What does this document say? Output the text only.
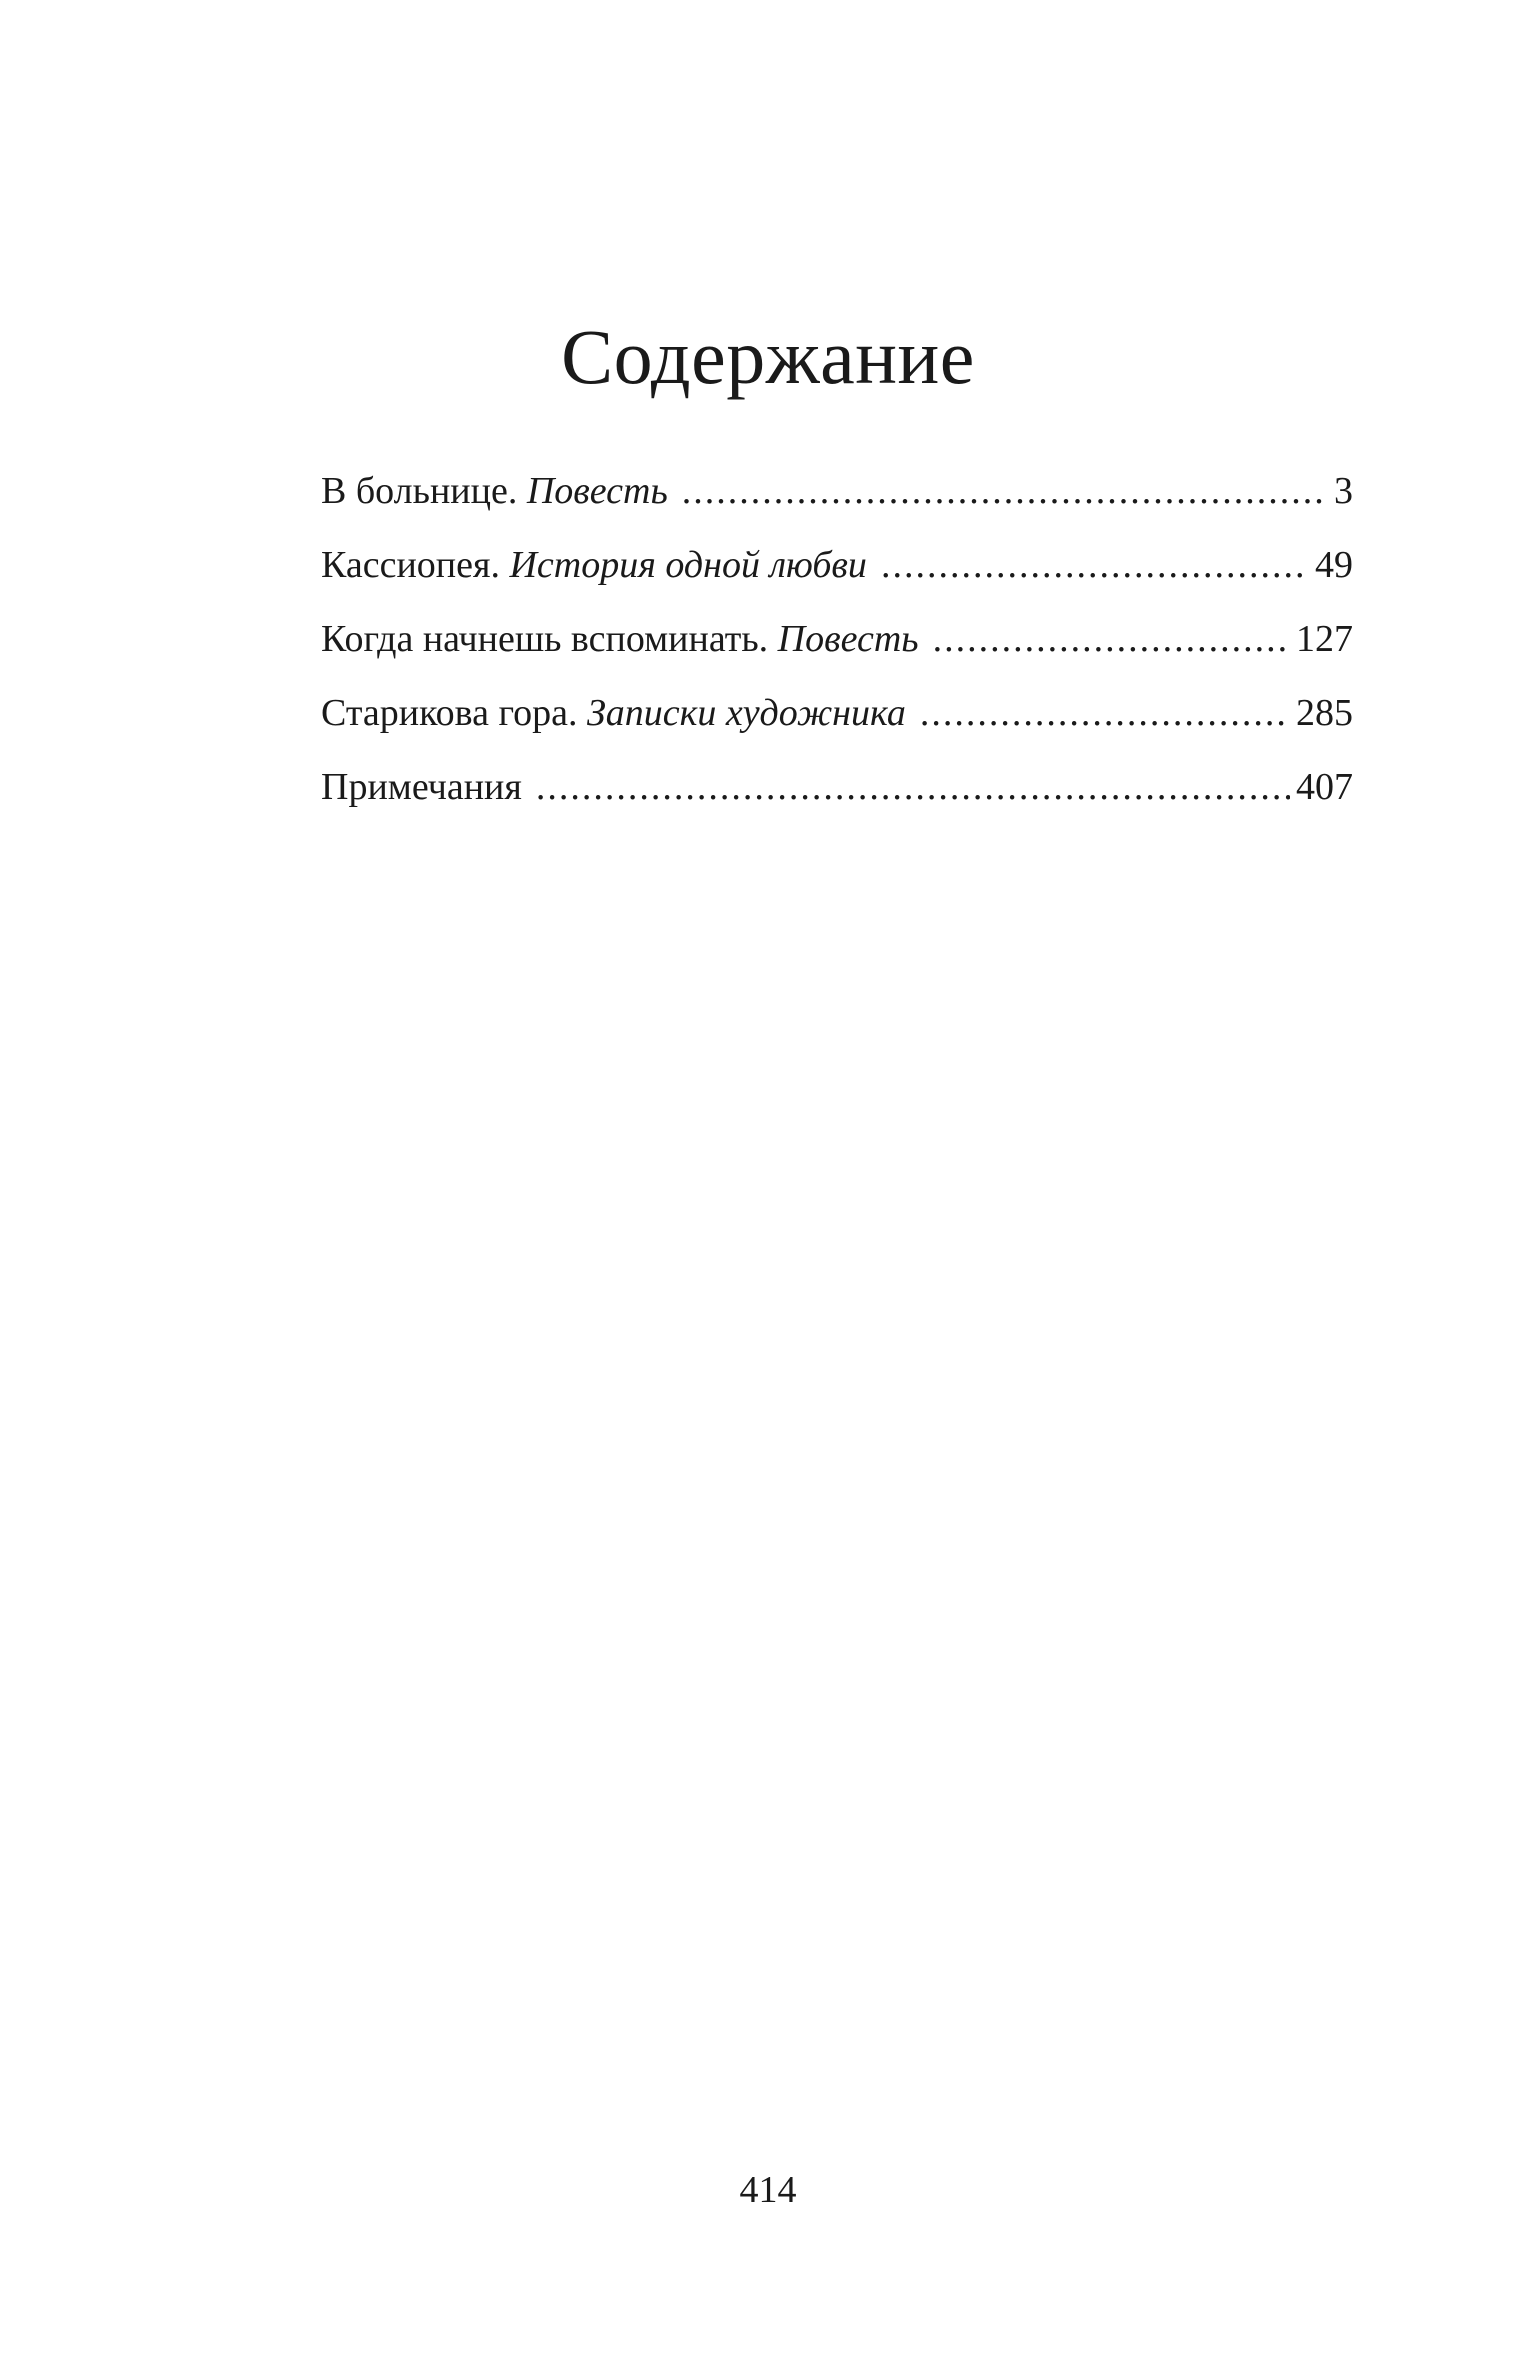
Содержание
В больнице. Повесть .....	3
Кассиопея. История одной любви .....	49
Когда начнешь вспоминать. Повесть .....	127
Старикова гора. Записки художника .....	285
Примечания .....	407
414
